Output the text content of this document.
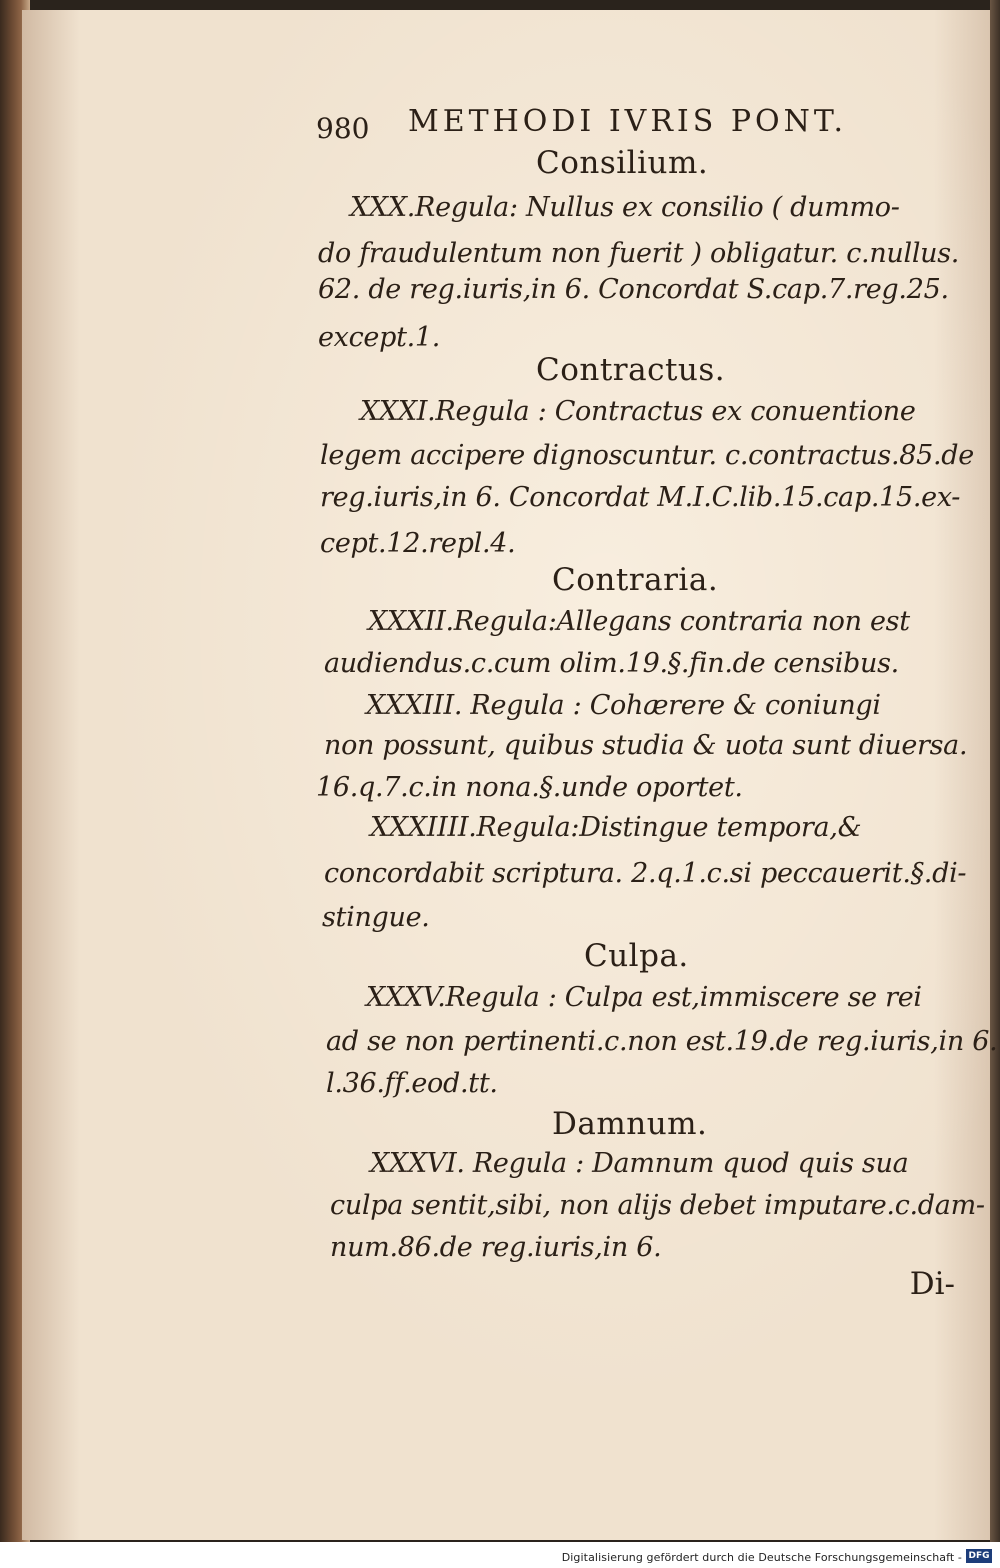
980 METHODI IVRIS PONT.
Consilium.
XXX.Regula: Nullus ex consilio ( dummo-
do fraudulentum non fuerit ) obligatur. c.nullus.
62. de reg.iuris,in 6. Concordat S.cap.7.reg.25.
except.1.
Contractus.
XXXI.Regula : Contractus ex conuentione
legem accipere dignoscuntur. c.contractus.85.de
reg.iuris,in 6. Concordat M.I.C.lib.15.cap.15.ex-
cept.12.repl.4.
Contraria.
XXXII.Regula:Allegans contraria non est
audiendus.c.cum olim.19.§.fin.de censibus.
XXXIII. Regula : Cohærere & coniungi
non possunt, quibus studia & uota sunt diuersa.
16.q.7.c.in nona.§.unde oportet.
XXXIIII.Regula:Distingue tempora,&
concordabit scriptura. 2.q.1.c.si peccauerit.§.di-
stingue.
Culpa.
XXXV.Regula : Culpa est,immiscere se rei
ad se non pertinenti.c.non est.19.de reg.iuris,in 6.
l.36.ff.eod.tt.
Damnum.
XXXVI. Regula : Damnum quod quis sua
culpa sentit,sibi, non alijs debet imputare.c.dam-
num.86.de reg.iuris,in 6.
Di-
Digitalisierung gefördert durch die Deutsche Forschungsgemeinschaft - DFG
